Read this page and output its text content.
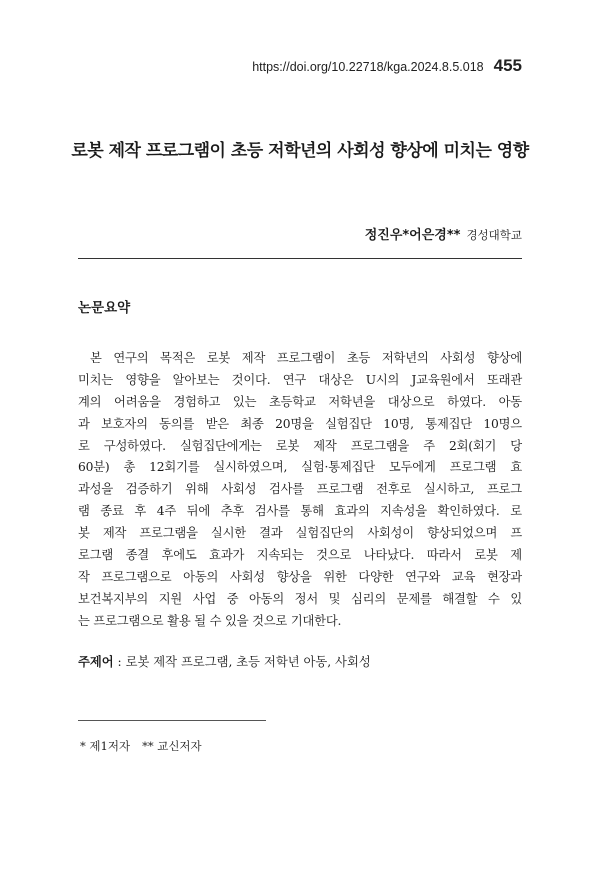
https://doi.org/10.22718/kga.2024.8.5.018 455
로봇 제작 프로그램이 초등 저학년의 사회성 향상에 미치는 영향
정진우*어은경** 경성대학교
논문요약
본 연구의 목적은 로봇 제작 프로그램이 초등 저학년의 사회성 향상에
미치는 영향을 알아보는 것이다. 연구 대상은 U시의 J교육원에서 또래관
계의 어려움을 경험하고 있는 초등학교 저학년을 대상으로 하였다. 아동
과 보호자의 동의를 받은 최종 20명을 실험집단 10명, 통제집단 10명으
로 구성하였다. 실험집단에게는 로봇 제작 프로그램을 주 2회(회기 당
60분) 총 12회기를 실시하였으며, 실험·통제집단 모두에게 프로그램 효
과성을 검증하기 위해 사회성 검사를 프로그램 전후로 실시하고, 프로그
램 종료 후 4주 뒤에 추후 검사를 통해 효과의 지속성을 확인하였다. 로
봇 제작 프로그램을 실시한 결과 실험집단의 사회성이 향상되었으며 프
로그램 종결 후에도 효과가 지속되는 것으로 나타났다. 따라서 로봇 제
작 프로그램으로 아동의 사회성 향상을 위한 다양한 연구와 교육 현장과
보건복지부의 지원 사업 중 아동의 정서 및 심리의 문제를 해결할 수 있
는 프로그램으로 활용 될 수 있을 것으로 기대한다.
주제어 : 로봇 제작 프로그램, 초등 저학년 아동, 사회성
* 제1저자 ** 교신저자
